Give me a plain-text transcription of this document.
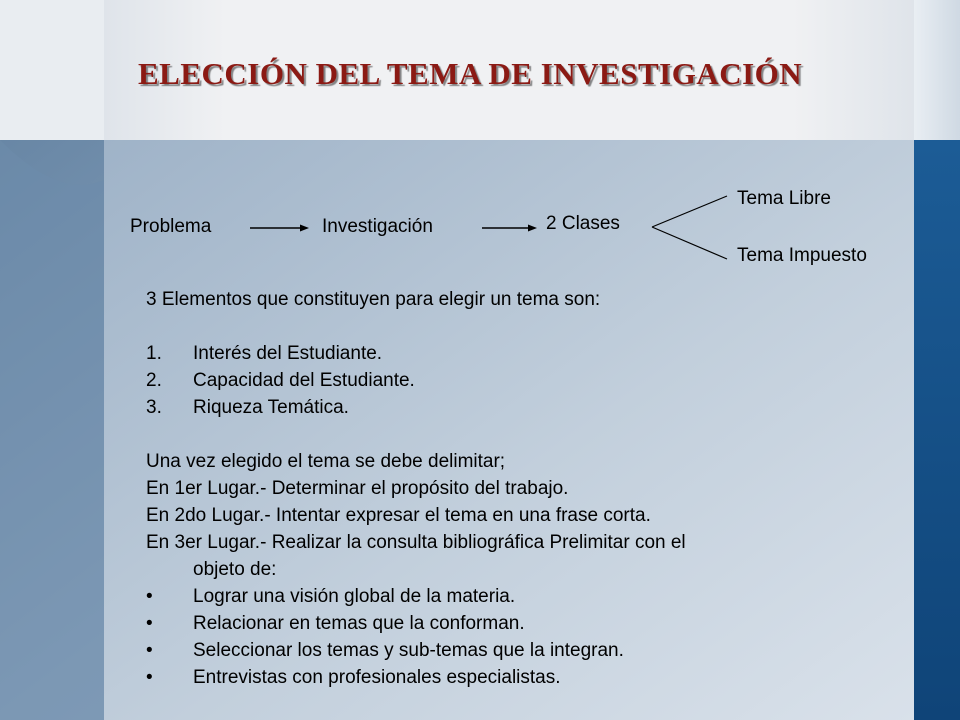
ELECCIÓN DEL TEMA DE INVESTIGACIÓN
Problema	Investigación	2 Clases
Tema Libre
Tema Impuesto
3 Elementos que constituyen para elegir un tema son:
1. Interés del Estudiante.
2. Capacidad del Estudiante.
3. Riqueza Temática.
Una vez elegido el tema se debe delimitar;
En 1er Lugar.- Determinar el propósito del trabajo.
En 2do Lugar.- Intentar expresar el tema en una frase corta.
En 3er Lugar.- Realizar la consulta bibliográfica Prelimitar con el
objeto de:
• Lograr una visión global de la materia.
• Relacionar en temas que la conforman.
• Seleccionar los temas y sub-temas que la integran.
• Entrevistas con profesionales especialistas.
